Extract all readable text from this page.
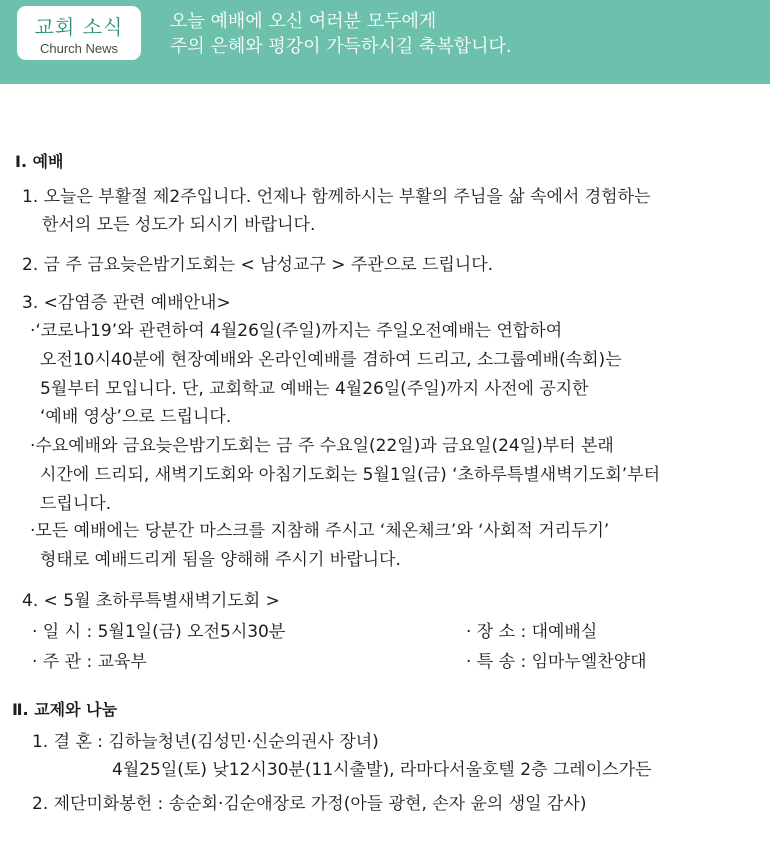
교회 소식
Church News
오늘 예배에 오신 여러분 모두에게
주의 은혜와 평강이 가득하시길 축복합니다.
Ⅰ. 예배
1. 오늘은 부활절 제2주입니다. 언제나 함께하시는 부활의 주님을 삶 속에서 경험하는
한서의 모든 성도가 되시기 바랍니다.
2. 금 주 금요늦은밤기도회는 < 남성교구 > 주관으로 드립니다.
3. <감염증 관련 예배안내>
·‘코로나19’와 관련하여 4월26일(주일)까지는 주일오전예배는 연합하여
오전10시40분에 현장예배와 온라인예배를 겸하여 드리고, 소그룹예배(속회)는
5월부터 모입니다. 단, 교회학교 예배는 4월26일(주일)까지 사전에 공지한
‘예배 영상’으로 드립니다.
·수요예배와 금요늦은밤기도회는 금 주 수요일(22일)과 금요일(24일)부터 본래
시간에 드리되, 새벽기도회와 아침기도회는 5월1일(금) ‘초하루특별새벽기도회’부터
드립니다.
·모든 예배에는 당분간 마스크를 지참해 주시고 ‘체온체크’와 ‘사회적 거리두기’
형태로 예배드리게 됨을 양해해 주시기 바랍니다.
4. < 5월 초하루특별새벽기도회 >
· 일 시 : 5월1일(금) 오전5시30분	· 장 소 : 대예배실
· 주 관 : 교육부	· 특 송 : 임마누엘찬양대
Ⅱ. 교제와 나눔
1. 결 혼 : 김하늘청년(김성민·신순의권사 장녀)
4월25일(토) 낮12시30분(11시출발), 라마다서울호텔 2층 그레이스가든
2. 제단미화봉헌 : 송순회·김순애장로 가정(아들 광현, 손자 윤의 생일 감사)
